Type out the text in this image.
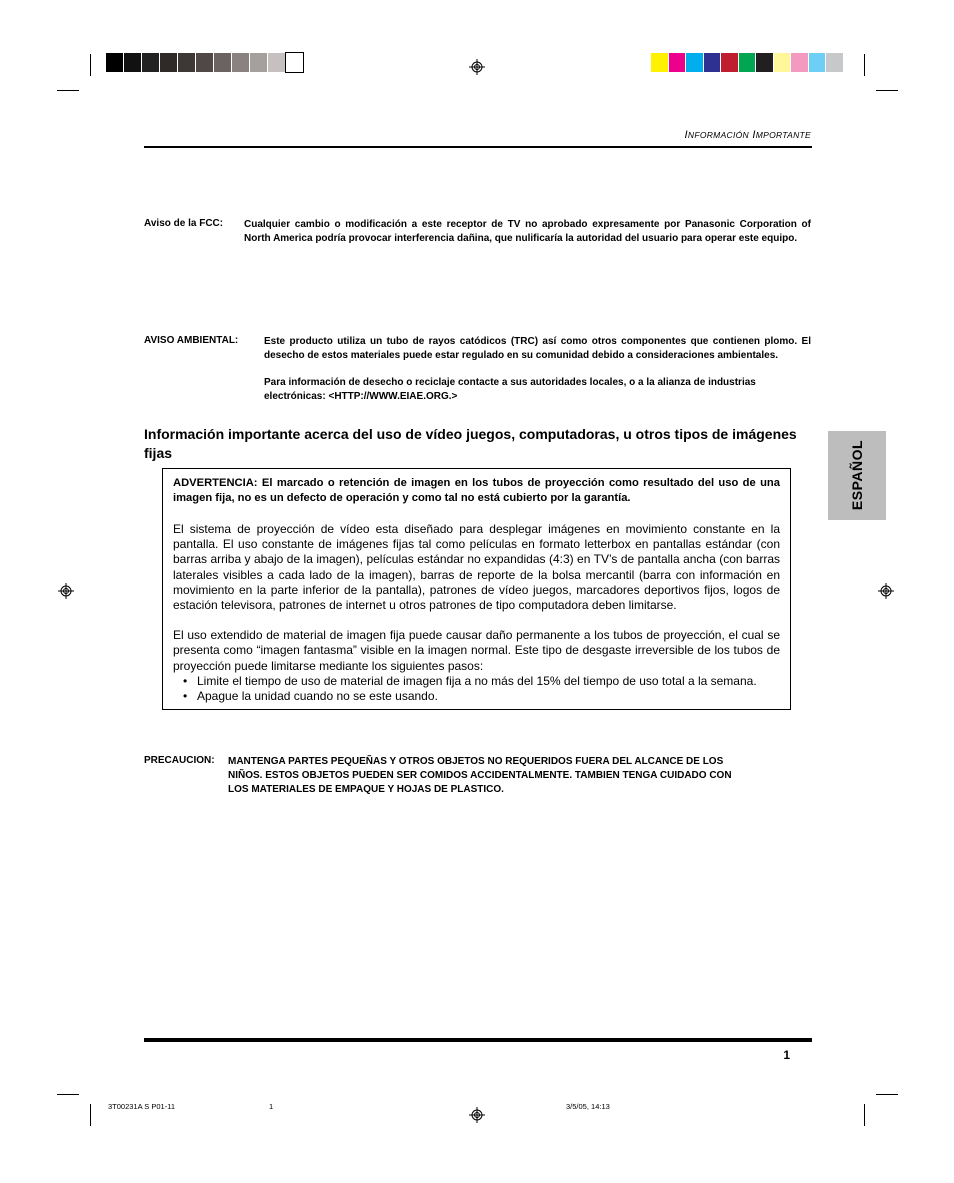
INFORMACIÓN IMPORTANTE
Aviso de la FCC: Cualquier cambio o modificación a este receptor de TV no aprobado expresamente por Panasonic Corporation of North America podría provocar interferencia dañina, que nulificaría la autoridad del usuario para operar este equipo.
AVISO AMBIENTAL:	Este producto utiliza un tubo de rayos catódicos (TRC) así como otros componentes que contienen plomo. El desecho de estos materiales puede estar regulado en su comunidad debido a consideraciones ambientales.
Para información de desecho o reciclaje contacte a sus autoridades locales, o a la alianza de industrias electrónicas: <HTTP://WWW.EIAE.ORG.>
Información importante acerca del uso de vídeo juegos, computadoras, u otros tipos de imágenes fijas

ADVERTENCIA: El marcado o retención de imagen en los tubos de proyección como resultado del uso de una imagen fija, no es un defecto de operación y como tal no está cubierto por la garantía.

El sistema de proyección de vídeo esta diseñado para desplegar imágenes en movimiento constante en la pantalla. El uso constante de imágenes fijas tal como películas en formato letterbox en pantallas estándar (con barras arriba y abajo de la imagen), películas estándar no expandidas (4:3) en TV’s de pantalla ancha (con barras laterales visibles a cada lado de la imagen), barras de reporte de la bolsa mercantil (barra con información en movimiento en la parte inferior de la pantalla), patrones de vídeo juegos, marcadores deportivos fijos, logos de estación televisora, patrones de internet u otros patrones de tipo computadora deben limitarse.

El uso extendido de material de imagen fija puede causar daño permanente a los tubos de proyección, el cual se presenta como “imagen fantasma” visible en la imagen normal. Este tipo de desgaste irreversible de los tubos de proyección puede limitarse mediante los siguientes pasos:

• Limite el tiempo de uso de material de imagen fija a no más del 15% del tiempo de uso total a la semana.
• Apague la unidad cuando no se este usando.
PRECAUCION: MANTENGA PARTES PEQUEÑAS Y OTROS OBJETOS NO REQUERIDOS FUERA DEL ALCANCE DE LOS
NIÑOS. ESTOS OBJETOS PUEDEN SER COMIDOS ACCIDENTALMENTE. TAMBIEN TENGA CUIDADO CON
LOS MATERIALES DE EMPAQUE Y HOJAS DE PLASTICO.
ESPAÑOL
1
3T00231A S P01-11	1	3/5/05, 14:13
